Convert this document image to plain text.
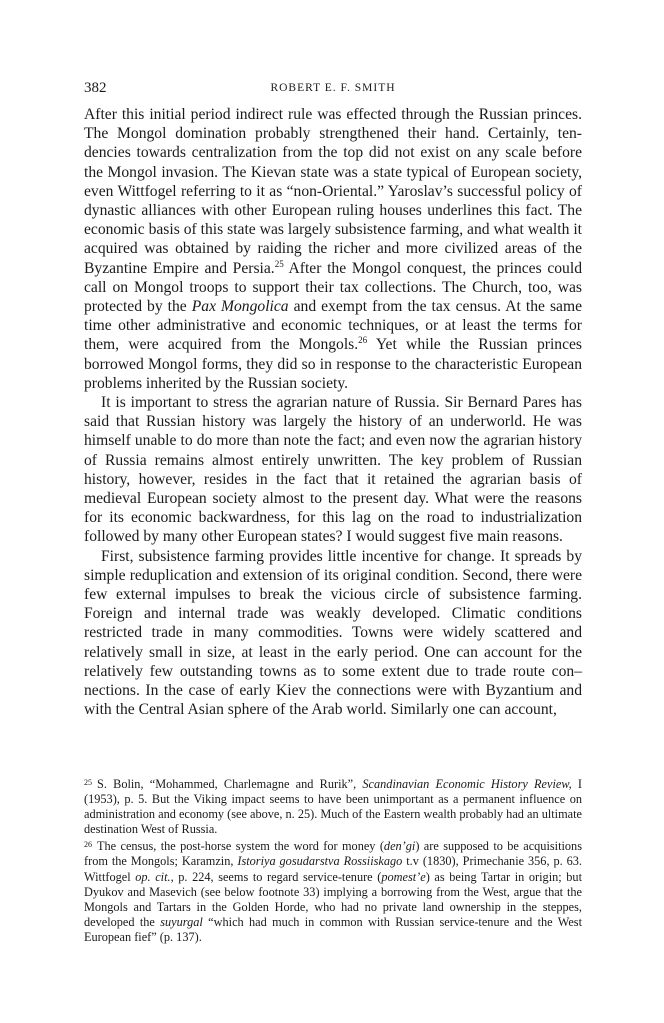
382	ROBERT E. F. SMITH

After this initial period indirect rule was effected through the Russian princes. The Mongol domination probably strengthened their hand. Certainly, tendencies towards centralization from the top did not exist on any scale before the Mongol invasion. The Kievan state was a state typical of European society, even Wittfogel referring to it as “non-Oriental.” Yaroslav’s successful policy of dynastic alliances with other European ruling houses underlines this fact. The economic basis of this state was largely subsistence farming, and what wealth it acquired was obtained by raiding the richer and more civilized areas of the Byzantine Empire and Persia.$^{25}$ After the Mongol conquest, the princes could call on Mongol troops to support their tax collections. The Church, too, was protected by the Pax Mongolica and exempt from the tax census. At the same time other administrative and economic techniques, or at least the terms for them, were acquired from the Mongols.$^{26}$ Yet while the Russian princes borrowed Mongol forms, they did so in response to the characteristic European problems inherited by the Russian society.

It is important to stress the agrarian nature of Russia. Sir Bernard Pares has said that Russian history was largely the history of an underworld. He was himself unable to do more than note the fact; and even now the agrarian history of Russia remains almost entirely unwritten. The key problem of Russian history, however, resides in the fact that it retained the agrarian basis of medieval European society almost to the present day. What were the reasons for its economic backwardness, for this lag on the road to industrialization followed by many other European states? I would suggest five main reasons.

First, subsistence farming provides little incentive for change. It spreads by simple reduplication and extension of its original condition. Second, there were few external impulses to break the vicious circle of subsistence farming. Foreign and internal trade was weakly developed. Climatic conditions restricted trade in many commodities. Towns were widely scattered and relatively small in size, at least in the early period. One can account for the relatively few outstanding towns as to some extent due to trade route con–nections. In the case of early Kiev the connections were with Byzantium and with the Central Asian sphere of the Arab world. Similarly one can account,

$^{25}$ S. Bolin, “Mohammed, Charlemagne and Rurik”, Scandinavian Economic History Review, I (1953), p. 5. But the Viking impact seems to have been unimportant as a permanent influence on administration and economy (see above, n. 25). Much of the Eastern wealth probably had an ultimate destination West of Russia.

$^{26}$ The census, the post-horse system the word for money (den’gi) are supposed to be acquisitions from the Mongols; Karamzin, Istoriya gosudarstva Rossiiskago t.v (1830), Primechanie 356, p. 63. Wittfogel op. cit., p. 224, seems to regard service-tenure (pomest’e) as being Tartar in origin; but Dyukov and Masevich (see below footnote 33) implying a borrowing from the West, argue that the Mongols and Tartars in the Golden Horde, who had no private land ownership in the steppes, developed the suyurgal “which had much in common with Russian service-tenure and the West European fief” (p. 137).
